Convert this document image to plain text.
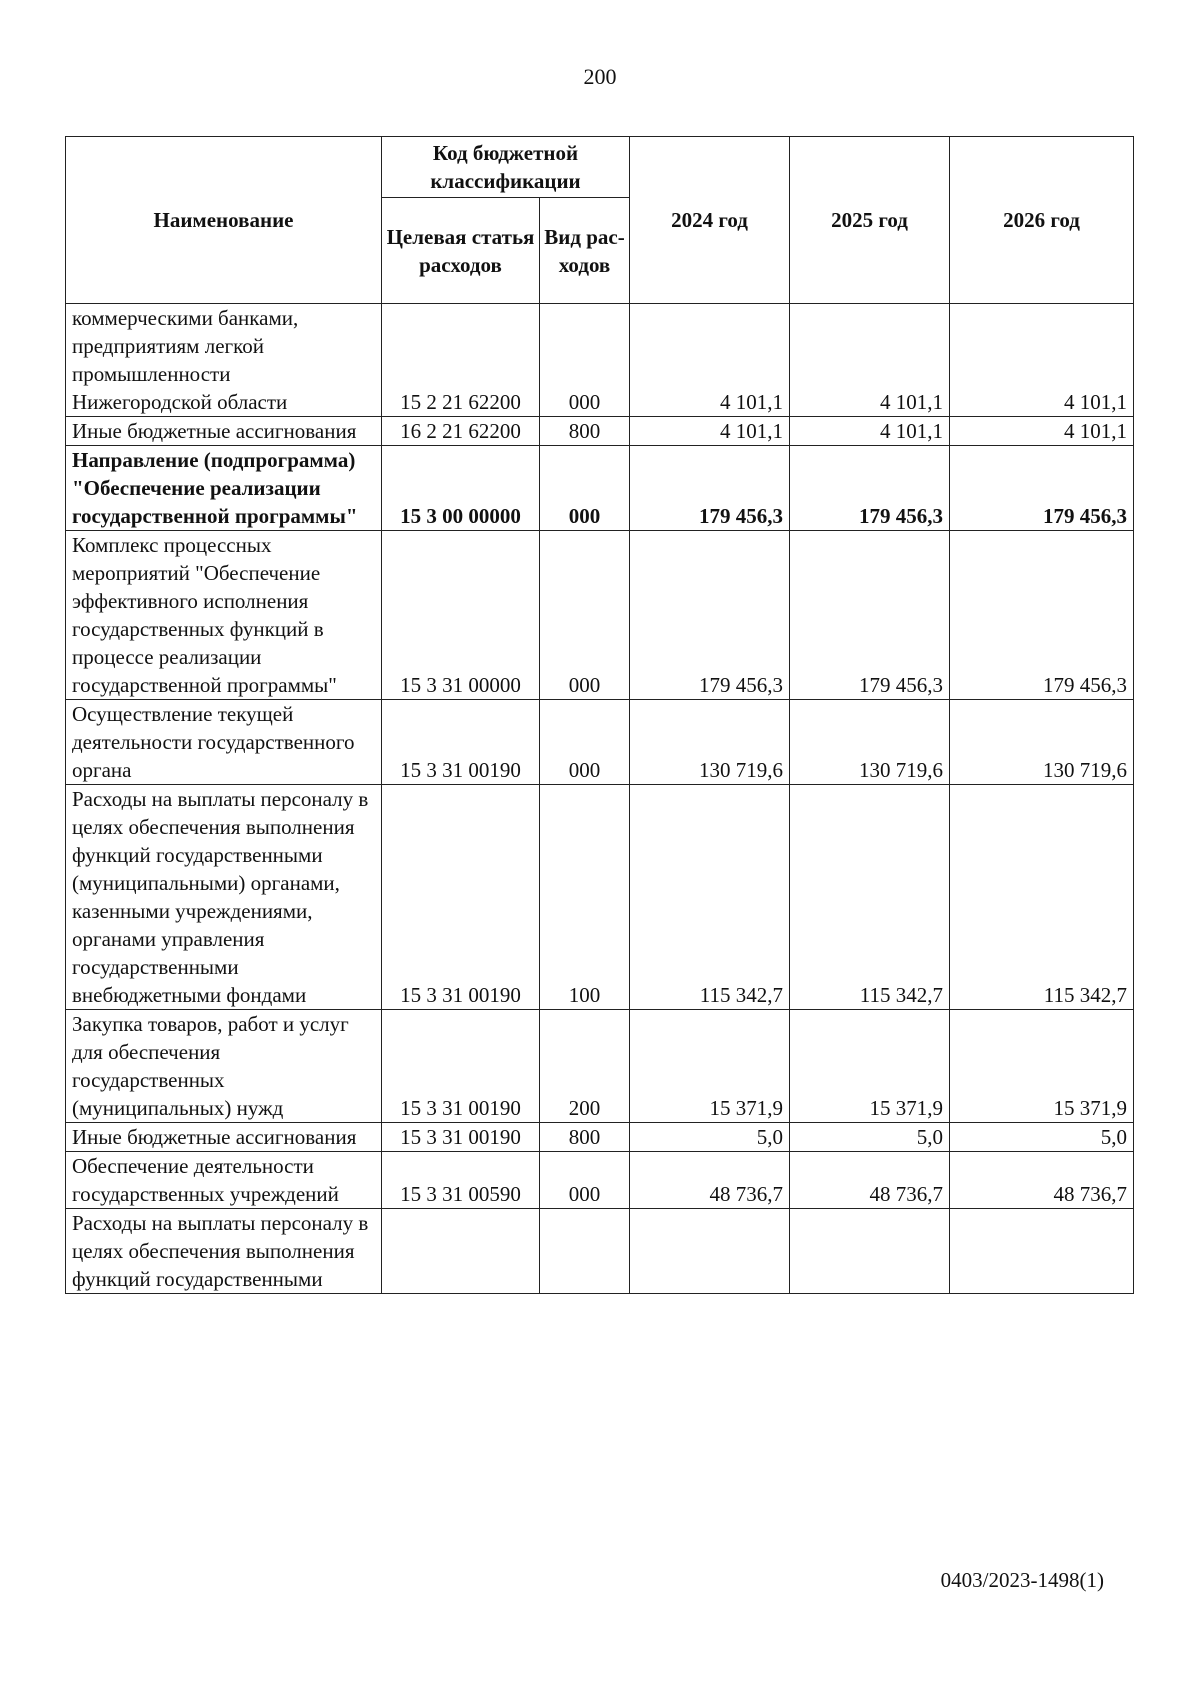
200
Наименование	Код бюджетной классификации		2024 год	2025 год	2026 год
	Целевая статья расходов	Вид рас-ходов			
коммерческими банками, предприятиям легкой промышленности Нижегородской области	15 2 21 62200	000	4 101,1	4 101,1	4 101,1
Иные бюджетные ассигнования	16 2 21 62200	800	4 101,1	4 101,1	4 101,1
Направление (подпрограмма) "Обеспечение реализации государственной программы"	15 3 00 00000	000	179 456,3	179 456,3	179 456,3
Комплекс процессных мероприятий "Обеспечение эффективного исполнения государственных функций в процессе реализации государственной программы"	15 3 31 00000	000	179 456,3	179 456,3	179 456,3
Осуществление текущей деятельности государственного органа	15 3 31 00190	000	130 719,6	130 719,6	130 719,6
Расходы на выплаты персоналу в целях обеспечения выполнения функций государственными (муниципальными) органами, казенными учреждениями, органами управления государственными внебюджетными фондами	15 3 31 00190	100	115 342,7	115 342,7	115 342,7
Закупка товаров, работ и услуг для обеспечения государственных (муниципальных) нужд	15 3 31 00190	200	15 371,9	15 371,9	15 371,9
Иные бюджетные ассигнования	15 3 31 00190	800	5,0	5,0	5,0
Обеспечение деятельности государственных учреждений	15 3 31 00590	000	48 736,7	48 736,7	48 736,7
Расходы на выплаты персоналу в целях обеспечения выполнения функций государственными					
0403/2023-1498(1)
